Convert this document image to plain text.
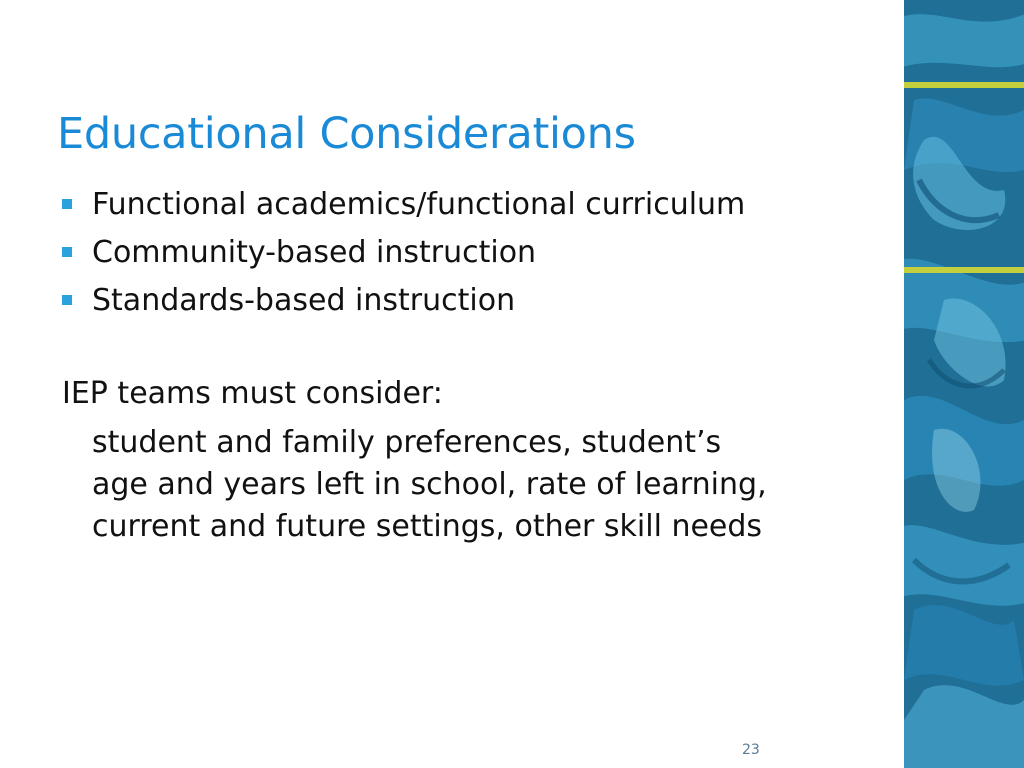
Educational Considerations
Functional academics/functional curriculum
Community-based instruction
Standards-based instruction

IEP teams must consider:

student and family preferences, student’s
age and years left in school, rate of learning,
current and future settings, other skill needs

23
